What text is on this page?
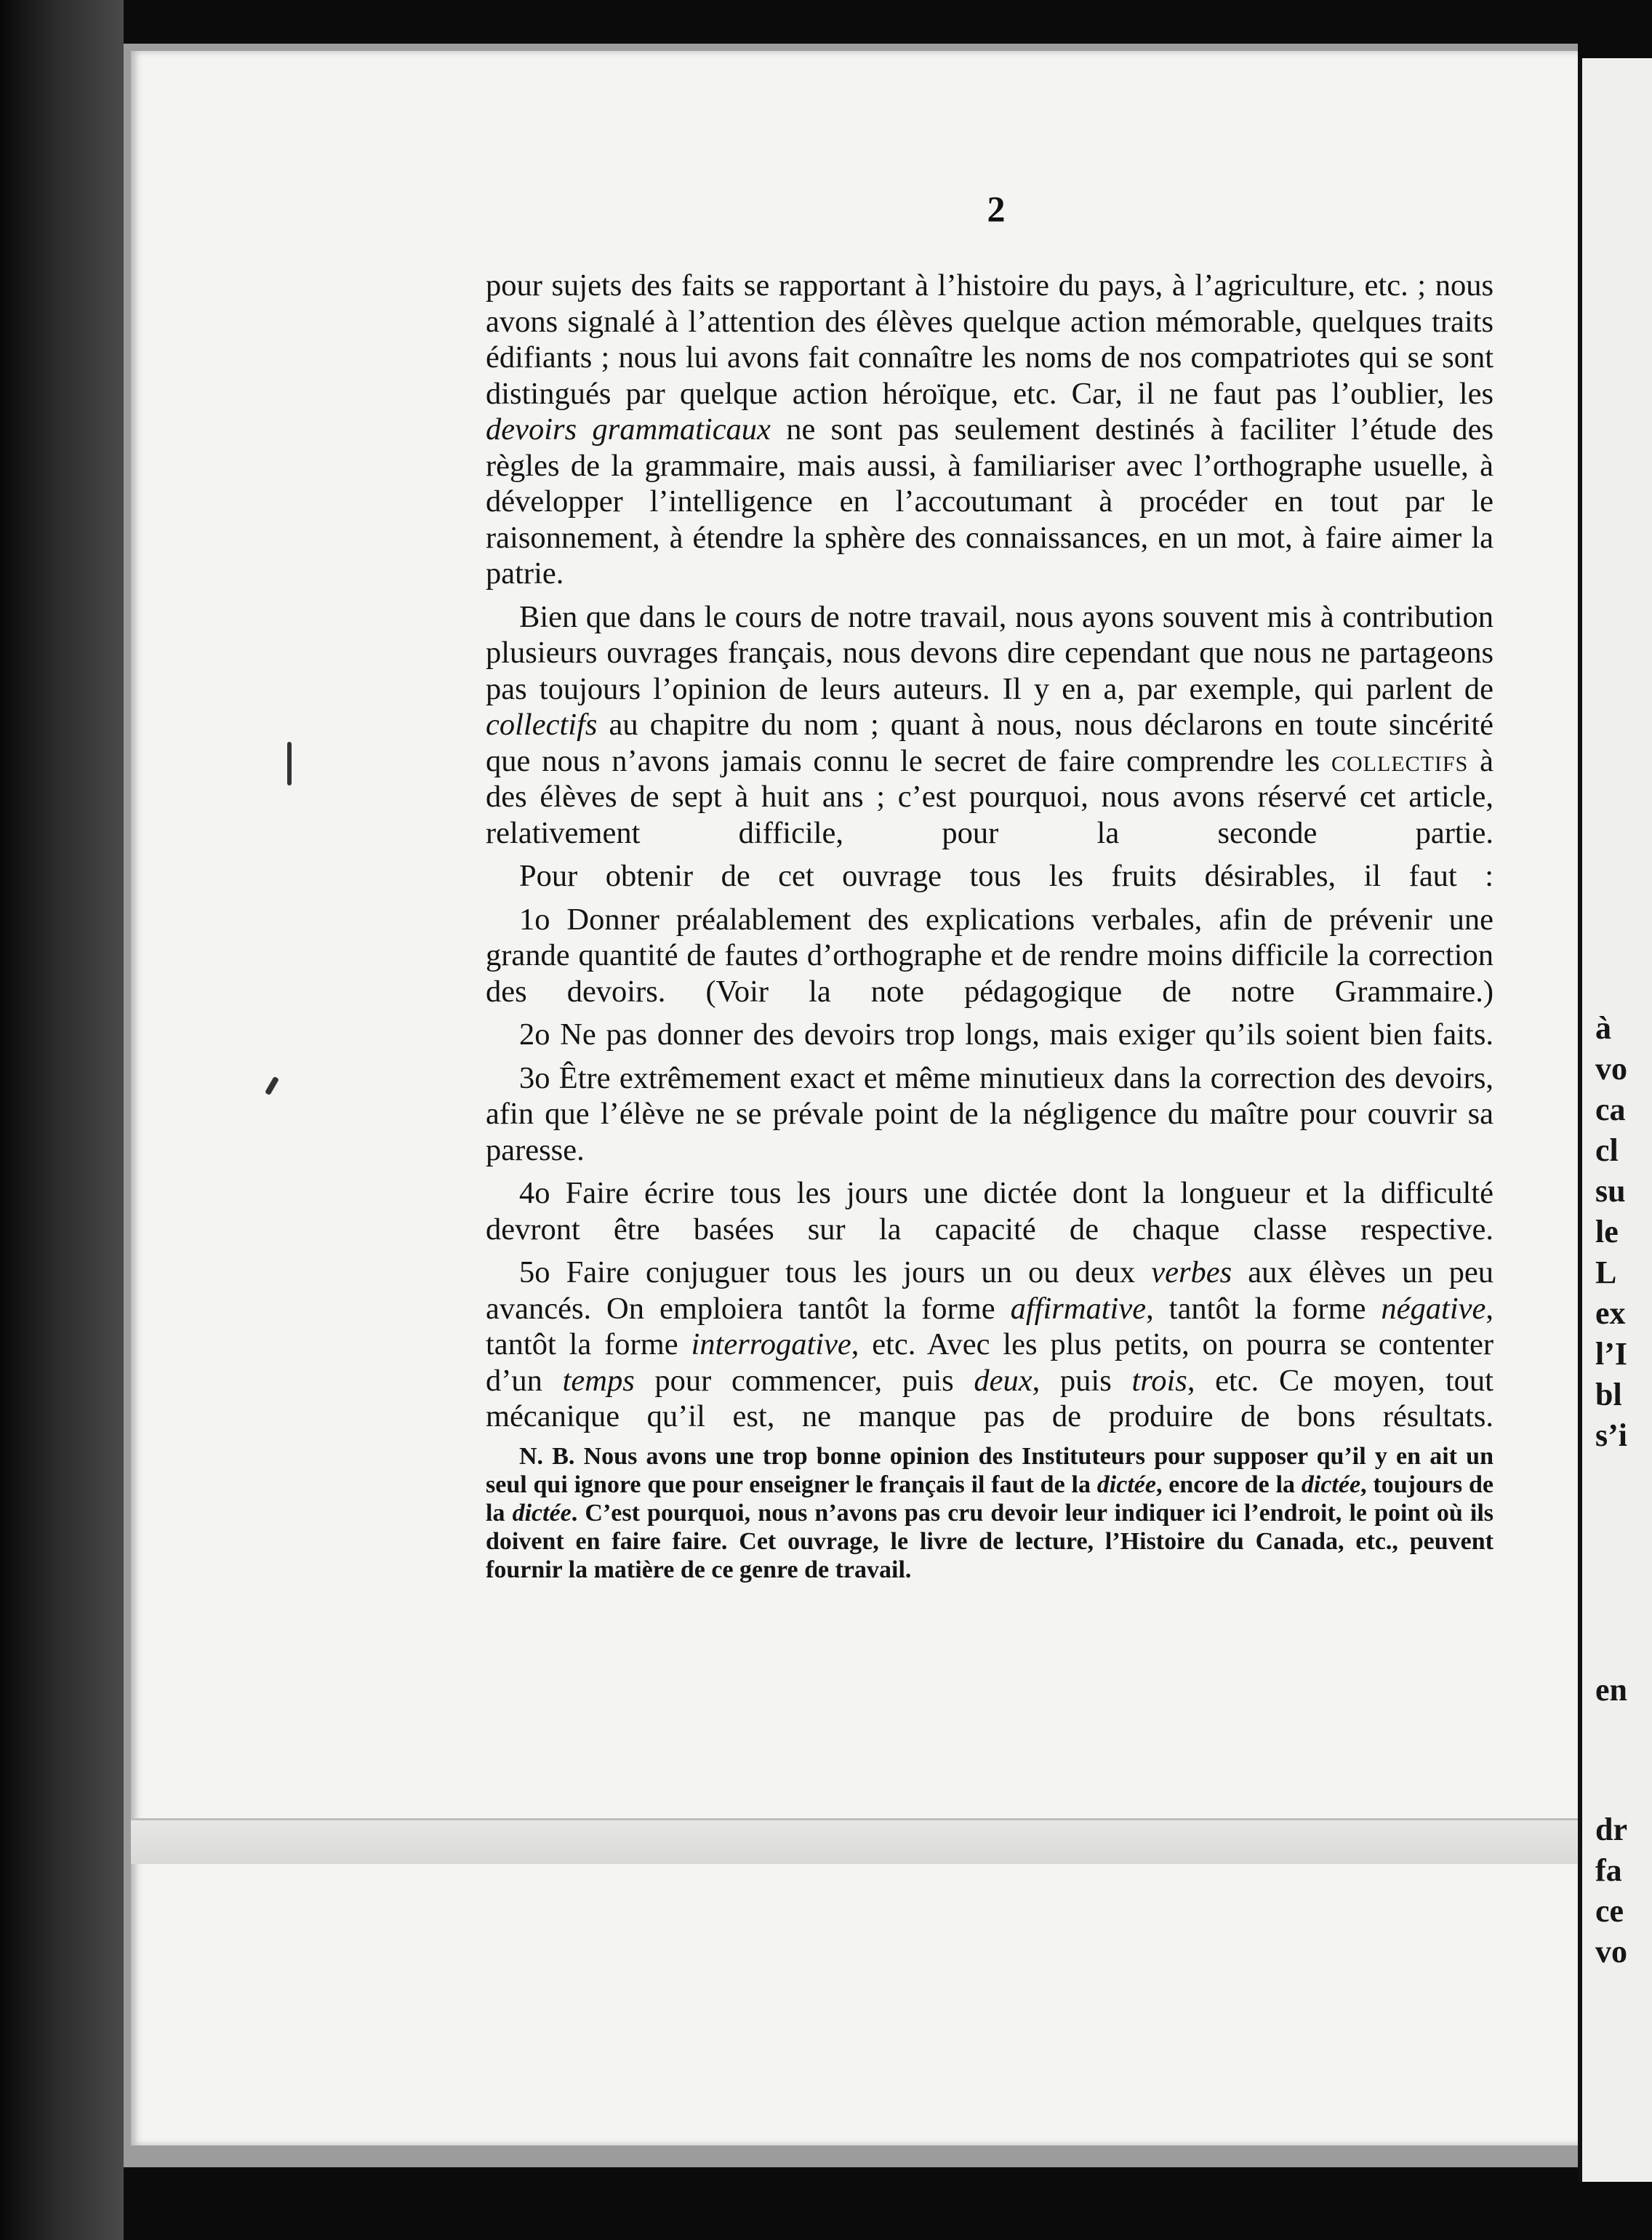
à
vo
ca
cl
su
le
L
ex
l’I
bl
s’i
en
dr
fa
ce
vo
2

pour sujets des faits se rapportant à l’histoire du pays, à l’agriculture, etc. ; nous avons signalé à l’attention des élèves quelque action mémorable, quelques traits édifiants ; nous lui avons fait connaître les noms de nos compatriotes qui se sont distingués par quelque action héroïque, etc. Car, il ne faut pas l’oublier, les devoirs grammaticaux ne sont pas seulement destinés à faciliter l’étude des règles de la grammaire, mais aussi, à familiariser avec l’orthographe usuelle, à développer l’intelligence en l’accoutumant à procéder en tout par le raisonnement, à étendre la sphère des connaissances, en un mot, à faire aimer la patrie.

Bien que dans le cours de notre travail, nous ayons souvent mis à contribution plusieurs ouvrages français, nous devons dire cependant que nous ne partageons pas toujours l’opinion de leurs auteurs. Il y en a, par exemple, qui parlent de collectifs au chapitre du nom ; quant à nous, nous déclarons en toute sincérité que nous n’avons jamais connu le secret de faire comprendre les collectifs à des élèves de sept à huit ans ; c’est pourquoi, nous avons réservé cet article, relativement difficile, pour la seconde partie.

Pour obtenir de cet ouvrage tous les fruits désirables, il faut :

1o Donner préalablement des explications verbales, afin de prévenir une grande quantité de fautes d’orthographe et de rendre moins difficile la correction des devoirs. (Voir la note pédagogique de notre Grammaire.)

2o Ne pas donner des devoirs trop longs, mais exiger qu’ils soient bien faits.

3o Être extrêmement exact et même minutieux dans la correction des devoirs, afin que l’élève ne se prévale point de la négligence du maître pour couvrir sa paresse.

4o Faire écrire tous les jours une dictée dont la longueur et la difficulté devront être basées sur la capacité de chaque classe respective.

5o Faire conjuguer tous les jours un ou deux verbes aux élèves un peu avancés. On emploiera tantôt la forme affirmative, tantôt la forme négative, tantôt la forme interrogative, etc. Avec les plus petits, on pourra se contenter d’un temps pour commencer, puis deux, puis trois, etc. Ce moyen, tout mécanique qu’il est, ne manque pas de produire de bons résultats.

N. B. Nous avons une trop bonne opinion des Instituteurs pour supposer qu’il y en ait un seul qui ignore que pour enseigner le français il faut de la dictée, encore de la dictée, toujours de la dictée. C’est pourquoi, nous n’avons pas cru devoir leur indiquer ici l’endroit, le point où ils doivent en faire faire. Cet ouvrage, le livre de lecture, l’Histoire du Canada, etc., peuvent fournir la matière de ce genre de travail.
